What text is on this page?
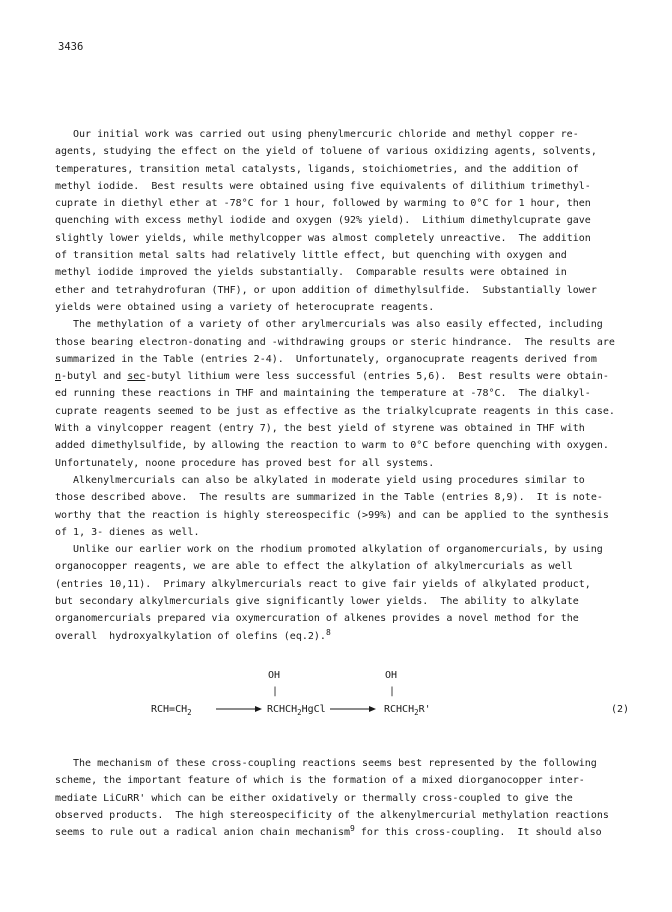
3436
Our initial work was carried out using phenylmercuric chloride and methyl copper re-
agents, studying the effect on the yield of toluene of various oxidizing agents, solvents,
temperatures, transition metal catalysts, ligands, stoichiometries, and the addition of
methyl iodide.  Best results were obtained using five equivalents of dilithium trimethyl-
cuprate in diethyl ether at -78°C for 1 hour, followed by warming to 0°C for 1 hour, then
quenching with excess methyl iodide and oxygen (92% yield).  Lithium dimethylcuprate gave
slightly lower yields, while methylcopper was almost completely unreactive.  The addition
of transition metal salts had relatively little effect, but quenching with oxygen and
methyl iodide improved the yields substantially.  Comparable results were obtained in
ether and tetrahydrofuran (THF), or upon addition of dimethylsulfide.  Substantially lower
yields were obtained using a variety of heterocuprate reagents.
The methylation of a variety of other arylmercurials was also easily effected, including
those bearing electron-donating and -withdrawing groups or steric hindrance.  The results are
summarized in the Table (entries 2-4).  Unfortunately, organocuprate reagents derived from
n-butyl and sec-butyl lithium were less successful (entries 5,6).  Best results were obtain-
ed running these reactions in THF and maintaining the temperature at -78°C.  The dialkyl-
cuprate reagents seemed to be just as effective as the trialkylcuprate reagents in this case.
With a vinylcopper reagent (entry 7), the best yield of styrene was obtained in THF with
added dimethylsulfide, by allowing the reaction to warm to 0°C before quenching with oxygen.
Unfortunately, noone procedure has proved best for all systems.
Alkenylmercurials can also be alkylated in moderate yield using procedures similar to
those described above.  The results are summarized in the Table (entries 8,9).  It is note-
worthy that the reaction is highly stereospecific (>99%) and can be applied to the synthesis
of 1, 3- dienes as well.
Unlike our earlier work on the rhodium promoted alkylation of organomercurials, by using
organocopper reagents, we are able to effect the alkylation of alkylmercurials as well
(entries 10,11).  Primary alkylmercurials react to give fair yields of alkylated product,
but secondary alkylmercurials give significantly lower yields.  The ability to alkylate
organomercurials prepared via oxymercuration of alkenes provides a novel method for the
overall  hydroxyalkylation of olefins (eq.2).$^8$
OH	OH
|	|
$RCH=CH_2$	$RCHCH_2HgCl$	$RCHCH_2R'$	(2)
The mechanism of these cross-coupling reactions seems best represented by the following
scheme, the important feature of which is the formation of a mixed diorganocopper inter-
mediate LiCuRR' which can be either oxidatively or thermally cross-coupled to give the
observed products.  The high stereospecificity of the alkenylmercurial methylation reactions
seems to rule out a radical anion chain mechanism$^9$ for this cross-coupling.  It should also
